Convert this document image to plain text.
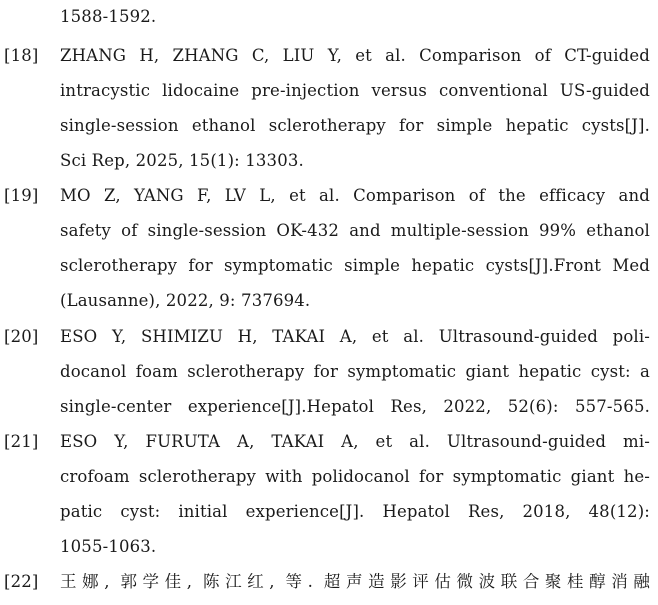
1588-1592.
[18] ZHANG H, ZHANG C, LIU Y, et al. Comparison of CT-guided
intracystic lidocaine pre-injection versus conventional US-guided
single-session ethanol sclerotherapy for simple hepatic cysts[J].
Sci Rep, 2025, 15(1): 13303.
[19] MO Z, YANG F, LV L, et al. Comparison of the efficacy and
safety of single-session OK-432 and multiple-session 99% ethanol
sclerotherapy for symptomatic simple hepatic cysts[J].Front Med
(Lausanne), 2022, 9: 737694.
[20] ESO Y, SHIMIZU H, TAKAI A, et al. Ultrasound-guided poli-
docanol foam sclerotherapy for symptomatic giant hepatic cyst: a
single-center experience[J].Hepatol Res, 2022, 52(6): 557-565.
[21] ESO Y, FURUTA A, TAKAI A, et al. Ultrasound-guided mi-
crofoam sclerotherapy with polidocanol for symptomatic giant he-
patic cyst: initial experience[J]. Hepatol Res, 2018, 48(12):
1055-1063.
[22] 王娜, 郭学佳, 陈江红, 等. 超声造影评估微波联合聚桂醇消融
